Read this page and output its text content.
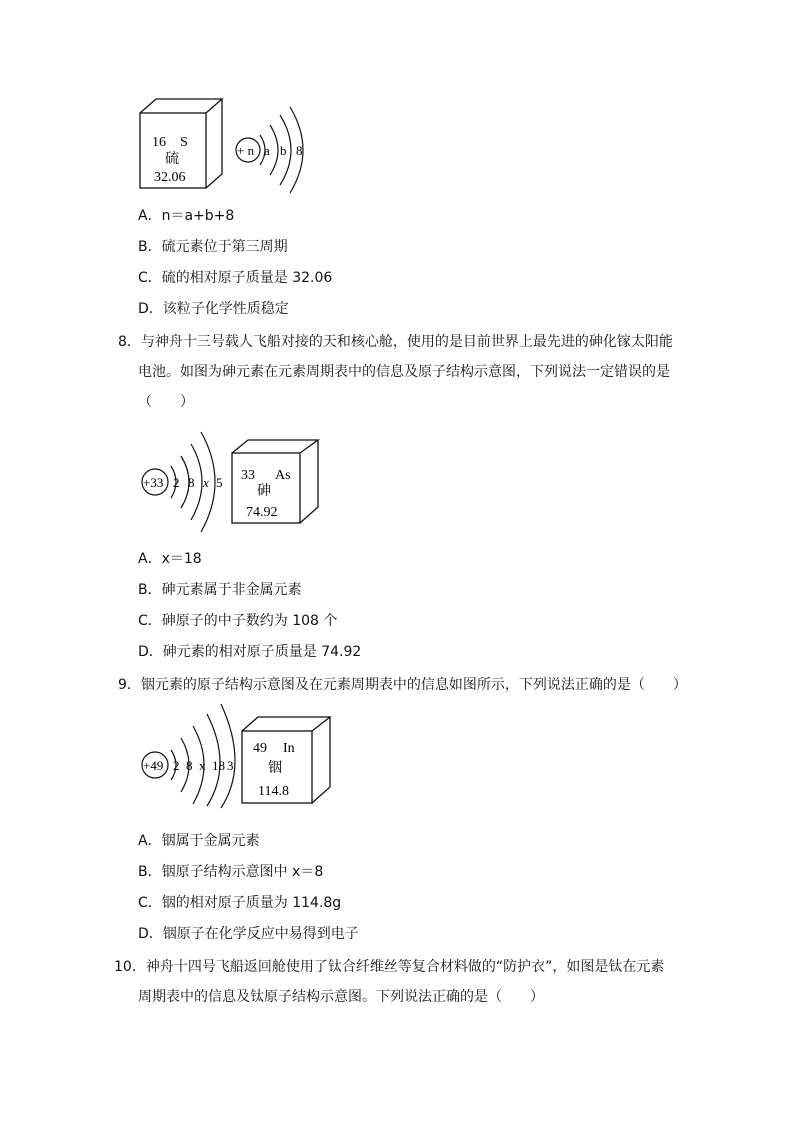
16 S
硫
32.06
+ n a b 8
A．n＝a+b+8
B．硫元素位于第三周期
C．硫的相对原子质量是 32.06
D．该粒子化学性质稳定
8．与神舟十三号载人飞船对接的天和核心舱，使用的是目前世界上最先进的砷化镓太阳能
电池。如图为砷元素在元素周期表中的信息及原子结构示意图，下列说法一定错误的是
（　　）
+33 2 8 x 5 33 As
砷
74.92
A．x＝18
B．砷元素属于非金属元素
C．砷原子的中子数约为 108 个
D．砷元素的相对原子质量是 74.92
9．铟元素的原子结构示意图及在元素周期表中的信息如图所示，下列说法正确的是（　　）
+49 2 8 x 18 3
49 In
铟
114.8
A．铟属于金属元素
B．铟原子结构示意图中 x＝8
C．铟的相对原子质量为 114.8g
D．铟原子在化学反应中易得到电子
10．神舟十四号飞船返回舱使用了钛合纤维丝等复合材料做的“防护衣”，如图是钛在元素
周期表中的信息及钛原子结构示意图。下列说法正确的是（　　）
